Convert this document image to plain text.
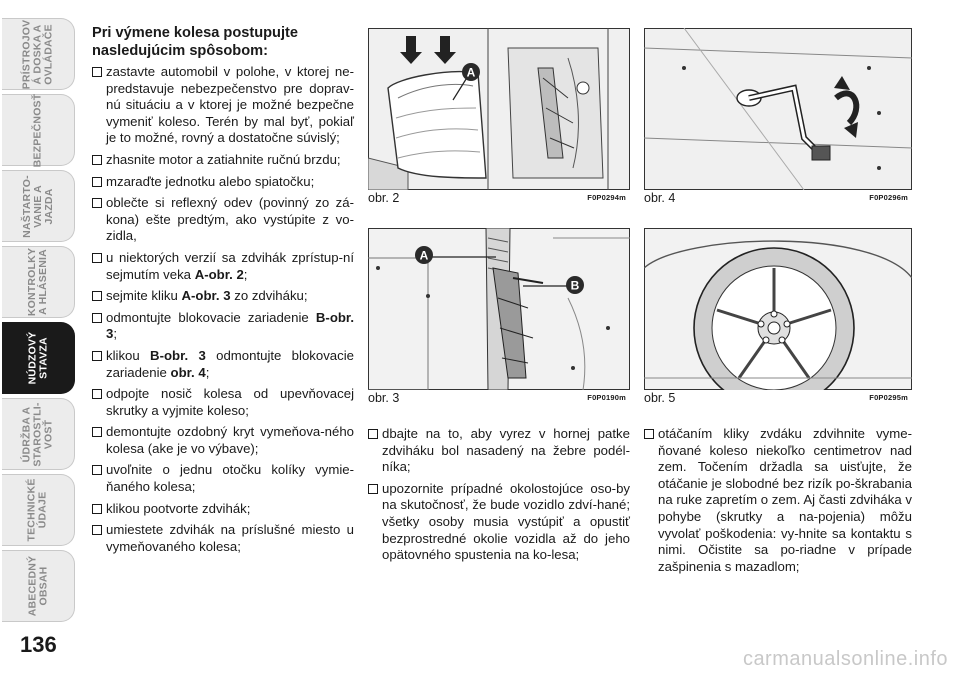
PRÍSTROJOV
Á DOSKA A
OVLÁDAČE
BEZPEČNOSŤ
NAŠTARTO-
VANIE A
JAZDA
KONTROLKY
A HLÁSENIA
NÚDZOVÝ
STAVZA
ÚDRŽBA A
STAROSTLI-
VOSŤ
TECHNICKÉ
ÚDAJE
ABECEDNÝ
OBSAH
136
carmanualsonline.info
Pri výmene kolesa postupujte nasledujúcim spôsobom:
zastavte automobil v polohe, v ktorej ne-predstavuje nebezpečenstvo pre doprav-nú situáciu a v ktorej je možné bezpečne vymeniť koleso. Terén by mal byť, pokiaľ je to možné, rovný a dostatočne súvislý;
zhasnite motor a zatiahnite ručnú brzdu;
mzaraďte jednotku alebo spiatočku;
oblečte si reflexný odev (povinný zo zá-kona) ešte predtým, ako vystúpite z vo-zidla,
u niektorých verzií sa zdvihák zprístup-ní sejmutím veka A-obr. 2;
sejmite kliku A-obr. 3 zo zdviháku;
odmontujte blokovacie zariadenie B-obr. 3;
klikou B-obr. 3 odmontujte blokovacie zariadenie obr. 4;
odpojte nosič kolesa od upevňovacej skrutky a vyjmite koleso;
demontujte ozdobný kryt vymeňova-ného kolesa (ake je vo výbave);
uvoľnite o jednu otočku kolíky vymie-ňaného kolesa;
klikou pootvorte zdvihák;
umiestete zdvihák na príslušné miesto u vymeňovaného kolesa;
A
obr. 2	F0P0294m
A
B
obr. 3	F0P0190m
obr. 4	F0P0296m
obr. 5	F0P0295m
dbajte na to, aby vyrez v hornej patke zdviháku bol nasadený na žebre podél-níka;
upozornite prípadné okolostojúce oso-by na skutočnosť, že bude vozidlo zdví-hané; všetky osoby musia vystúpiť a opustiť bezprostredné okolie vozidla až do jeho opätovného spustenia na ko-lesa;
otáčaním kliky zvdáku zdvihnite vyme-ňované koleso niekoľko centimetrov nad zem. Točením držadla sa uisťujte, že otáčanie je slobodné bez rizík po-škrabania na ruke zapretím o zem. Aj časti zdviháka v pohybe (skrutky a na-pojenia) môžu vyvolať poškodenia: vy-hnite sa kontaktu s nimi. Očistite sa po-riadne v prípade zašpinenia s mazadlom;
